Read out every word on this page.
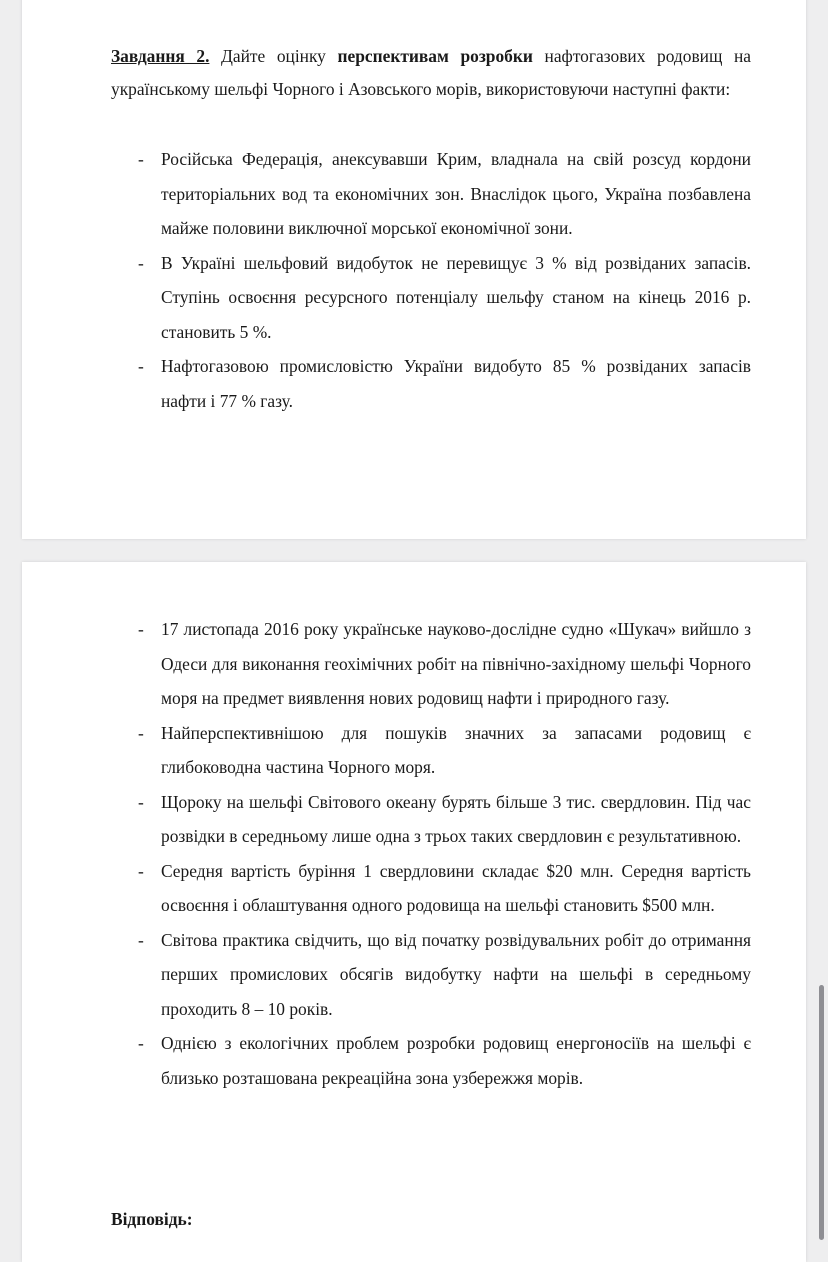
Завдання 2. Дайте оцінку перспективам розробки нафтогазових родовищ на українському шельфі Чорного і Азовського морів, використовуючи наступні факти:

- Російська Федерація, анексувавши Крим, владнала на свій розсуд кордони територіальних вод та економічних зон. Внаслідок цього, Україна позбавлена майже половини виключної морської економічної зони.
- В Україні шельфовий видобуток не перевищує 3 % від розвіданих запасів. Ступінь освоєння ресурсного потенціалу шельфу станом на кінець 2016 р. становить 5 %.
- Нафтогазовою промисловістю України видобуто 85 % розвіданих запасів нафти і 77 % газу.
- 17 листопада 2016 року українське науково-дослідне судно «Шукач» вийшло з Одеси для виконання геохімічних робіт на північно-західному шельфі Чорного моря на предмет виявлення нових родовищ нафти і природного газу.
- Найперспективнішою для пошуків значних за запасами родовищ є глибоководна частина Чорного моря.
- Щороку на шельфі Світового океану бурять більше 3 тис. свердловин. Під час розвідки в середньому лише одна з трьох таких свердловин є результативною.
- Середня вартість буріння 1 свердловини складає $20 млн. Середня вартість освоєння і облаштування одного родовища на шельфі становить $500 млн.
- Світова практика свідчить, що від початку розвідувальних робіт до отримання перших промислових обсягів видобутку нафти на шельфі в середньому проходить 8 – 10 років.
- Однією з екологічних проблем розробки родовищ енергоносіїв на шельфі є близько розташована рекреаційна зона узбережжя морів.

Відповідь:
